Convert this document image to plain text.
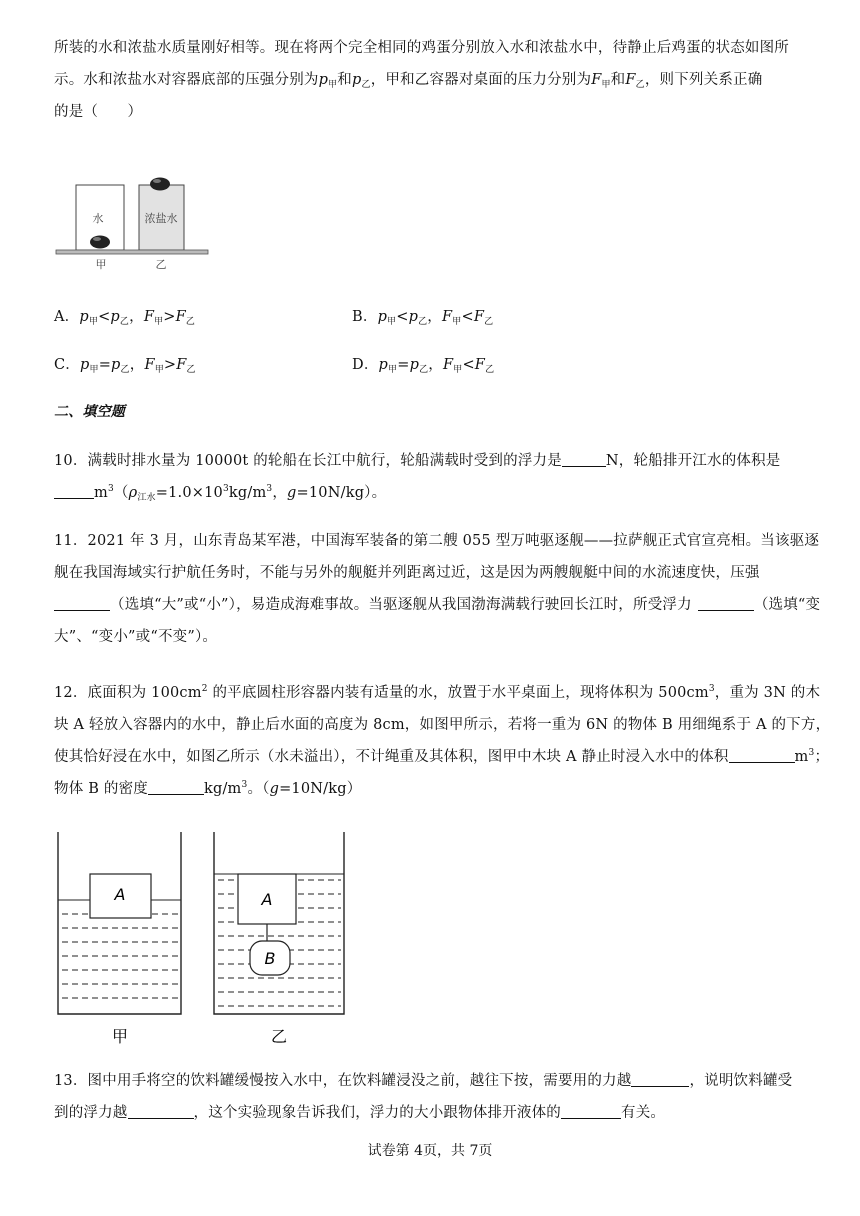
所装的水和浓盐水质量刚好相等。现在将两个完全相同的鸡蛋分别放入水和浓盐水中，待静止后鸡蛋的状态如图所
示。水和浓盐水对容器底部的压强分别为$p_甲$和$p_乙$，甲和乙容器对桌面的压力分别为$F_甲$和$F_乙$，则下列关系正确
的是（　　）
水	浓盐水
甲	乙
A．$p_甲<p_乙$，$F_甲>F_乙$	B．$p_甲<p_乙$，$F_甲<F_乙$
C．$p_甲=p_乙$，$F_甲>F_乙$	D．$p_甲=p_乙$，$F_甲<F_乙$
二、填空题
10．满载时排水量为 10000t 的轮船在长江中航行，轮船满载时受到的浮力是	N，轮船排开江水的体积是
$m^3(\rho_{江水}=1.0\times 10^3kg/m^3$，g=10N/kg）。
11．2021 年 3 月，山东青岛某军港，中国海军装备的第二艘 055 型万吨驱逐舰——拉萨舰正式官宣亮相。当该驱逐
舰在我国海域实行护航任务时，不能与另外的舰艇并列距离过近，这是因为两艘舰艇中间的水流速度快，压强
（选填“大”或“小”），易造成海难事故。当驱逐舰从我国渤海满载行驶回长江时，所受浮力	（选填“变
大”、“变小”或“不变”）。
12．底面积为 $100cm^2$ 的平底圆柱形容器内装有适量的水，放置于水平桌面上，现将体积为 $500cm^3$，重为 3N 的木
块 A 轻放入容器内的水中，静止后水面的高度为 8cm，如图甲所示，若将一重为 6N 的物体 B 用细绳系于 A 的下方，
使其恰好浸在水中，如图乙所示（水未溢出），不计绳重及其体积，图甲中木块 A 静止时浸入水中的体积	$m^3$；
物体 B 的密度	$kg/m^3$。（g=10N/kg）
A	A
B
甲	乙
13．图中用手将空的饮料罐缓慢按入水中，在饮料罐浸没之前，越往下按，需要用的力越	，说明饮料罐受
到的浮力越	，这个实验现象告诉我们，浮力的大小跟物体排开液体的	有关。
试卷第 4页，共 7页
